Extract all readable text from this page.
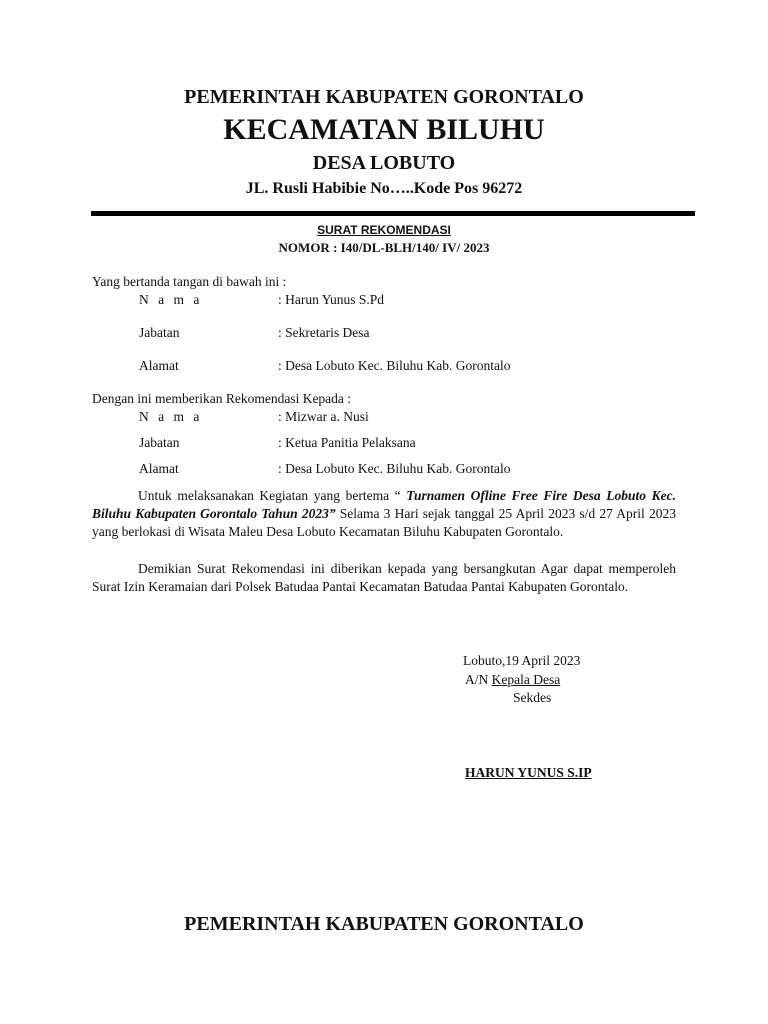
PEMERINTAH KABUPATEN GORONTALO
KECAMATAN BILUHU
DESA LOBUTO
JL. Rusli Habibie No…..Kode Pos 96272
SURAT REKOMENDASI
NOMOR : I40/DL-BLH/140/ IV/ 2023
Yang bertanda tangan di bawah ini :
N a m a	: Harun Yunus S.Pd
Jabatan	: Sekretaris Desa
Alamat	: Desa Lobuto Kec. Biluhu Kab. Gorontalo
Dengan ini memberikan Rekomendasi Kepada :
N a m a	: Mizwar a. Nusi
Jabatan	: Ketua Panitia Pelaksana
Alamat	: Desa Lobuto Kec. Biluhu Kab. Gorontalo
Untuk melaksanakan Kegiatan yang bertema “ Turnamen Ofline Free Fire Desa Lobuto Kec. Biluhu Kabupaten Gorontalo Tahun 2023” Selama 3 Hari sejak tanggal 25 April 2023 s/d 27 April 2023 yang berlokasi di Wisata Maleu Desa Lobuto Kecamatan Biluhu Kabupaten Gorontalo.
Demikian Surat Rekomendasi ini diberikan kepada yang bersangkutan Agar dapat memperoleh Surat Izin Keramaian dari Polsek Batudaa Pantai Kecamatan Batudaa Pantai Kabupaten Gorontalo.
Lobuto,19 April 2023
A/N Kepala Desa
Sekdes
HARUN YUNUS S.IP
PEMERINTAH KABUPATEN GORONTALO
